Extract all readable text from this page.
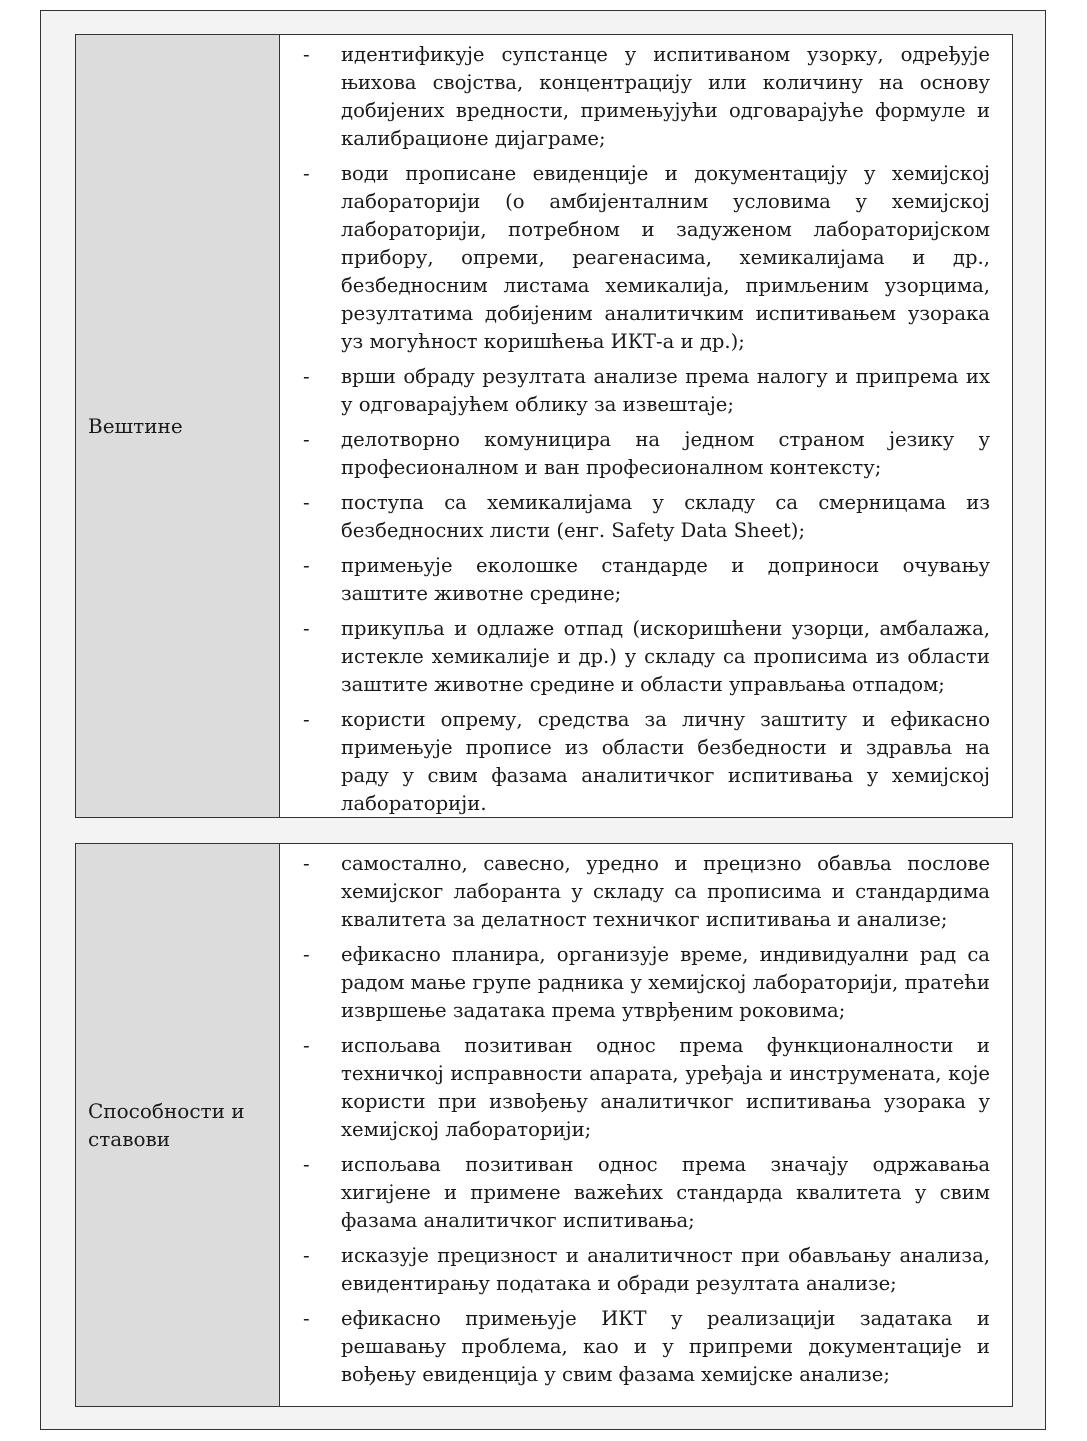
Вештине
-	идентификује супстанце у испитиваном узорку, одређује њихова својства, концентрацију или количину на основу добијених вредности, примењујући одговарајуће формуле и калибрационе дијаграме;
-	води прописане евиденције и документацију у хемијској лабораторији (о амбијенталним условима у хемијској лабораторији, потребном и задуженом лабораторијском прибору, опреми, реагенасима, хемикалијама и др., безбедносним листама хемикалија, примљеним узорцима, резултатима добијеним аналитичким испитивањем узорака уз могућност коришћења ИКТ-а и др.);
-	врши обраду резултата анализе према налогу и припрема их у одговарајућем облику за извештаје;
-	делотворно комуницира на једном страном језику у професионалном и ван професионалном контексту;
-	поступа са хемикалијама у складу са смерницама из безбедносних листи (енг. Safety Data Sheet);
-	примењује еколошке стандарде и доприноси очувању заштите животне средине;
-	прикупља и одлаже отпад (искоришћени узорци, амбалажа, истекле хемикалије и др.) у складу са прописима из области заштите животне средине и области управљања отпадом;
-	користи опрему, средства за личну заштиту и ефикасно примењује прописе из области безбедности и здравља на раду у свим фазама аналитичког испитивања у хемијској лабораторији.
Способности и ставови
-	самостално, савесно, уредно и прецизно обавља послове хемијског лаборанта у складу са прописима и стандардима квалитета за делатност техничког испитивања и анализе;
-	ефикасно планира, организује време, индивидуални рад са радом мање групе радника у хемијској лабораторији, пратећи извршење задатака према утврђеним роковима;
-	испољава позитиван однос према функционалности и техничкој исправности апарата, уређаја и инструмената, које користи при извођењу аналитичког испитивања узорака у хемијској лабораторији;
-	испољава позитиван однос према значају одржавања хигијене и примене важећих стандарда квалитета у свим фазама аналитичког испитивања;
-	исказује прецизност и аналитичност при обављању анализа, евидентирању података и обради резултата анализе;
-	ефикасно примењује ИКТ у реализацији задатака и решавању проблема, као и у припреми документације и вођењу евиденција у свим фазама хемијске анализе;
